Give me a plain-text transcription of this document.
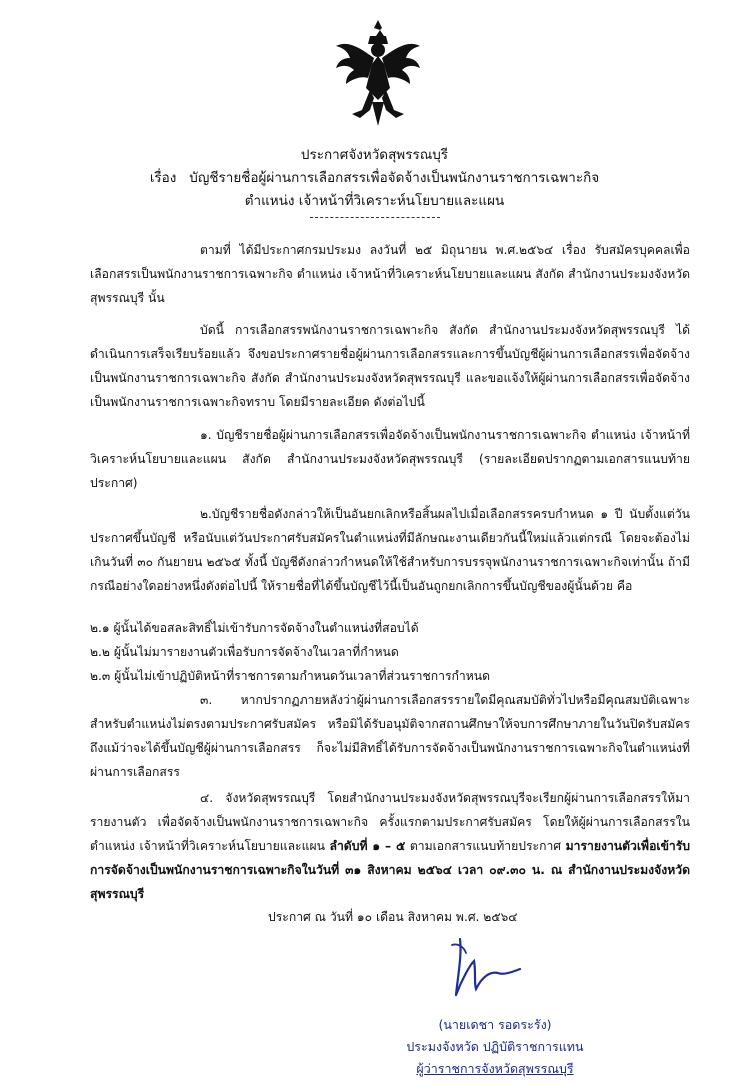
ประกาศจังหวัดสุพรรณบุรี
เรื่อง บัญชีรายชื่อผู้ผ่านการเลือกสรรเพื่อจัดจ้างเป็นพนักงานราชการเฉพาะกิจ
ตำแหน่ง เจ้าหน้าที่วิเคราะห์นโยบายและแผน
ตามที่ ได้มีประกาศกรมประมง ลงวันที่ ๒๕ มิถุนายน พ.ศ.๒๕๖๔ เรื่อง รับสมัครบุคคลเพื่อเลือกสรรเป็นพนักงานราชการเฉพาะกิจ ตำแหน่ง เจ้าหน้าที่วิเคราะห์นโยบายและแผน สังกัด สำนักงานประมงจังหวัดสุพรรณบุรี นั้น
บัดนี้ การเลือกสรรพนักงานราชการเฉพาะกิจ สังกัด สำนักงานประมงจังหวัดสุพรรณบุรี ได้ดำเนินการเสร็จเรียบร้อยแล้ว จึงขอประกาศรายชื่อผู้ผ่านการเลือกสรรและการขึ้นบัญชีผู้ผ่านการเลือกสรรเพื่อจัดจ้างเป็นพนักงานราชการเฉพาะกิจ สังกัด สำนักงานประมงจังหวัดสุพรรณบุรี และขอแจ้งให้ผู้ผ่านการเลือกสรรเพื่อจัดจ้างเป็นพนักงานราชการเฉพาะกิจทราบ โดยมีรายละเอียด ดังต่อไปนี้
๑. บัญชีรายชื่อผู้ผ่านการเลือกสรรเพื่อจัดจ้างเป็นพนักงานราชการเฉพาะกิจ ตำแหน่ง เจ้าหน้าที่วิเคราะห์นโยบายและแผน สังกัด สำนักงานประมงจังหวัดสุพรรณบุรี (รายละเอียดปรากฏตามเอกสารแนบท้ายประกาศ)
๒.บัญชีรายชื่อดังกล่าวให้เป็นอันยกเลิกหรือสิ้นผลไปเมื่อเลือกสรรครบกำหนด ๑ ปี นับตั้งแต่วันประกาศขึ้นบัญชี หรือนับแต่วันประกาศรับสมัครในตำแหน่งที่มีลักษณะงานเดียวกันนี้ใหม่แล้วแต่กรณี โดยจะต้องไม่เกินวันที่ ๓๐ กันยายน ๒๕๖๕ ทั้งนี้ บัญชีดังกล่าวกำหนดให้ใช้สำหรับการบรรจุพนักงานราชการเฉพาะกิจเท่านั้น ถ้ามีกรณีอย่างใดอย่างหนึ่งดังต่อไปนี้ ให้รายชื่อที่ได้ขึ้นบัญชีไว้นี้เป็นอันถูกยกเลิกการขึ้นบัญชีของผู้นั้นด้วย คือ
๒.๑ ผู้นั้นได้ขอสละสิทธิ์ไม่เข้ารับการจัดจ้างในตำแหน่งที่สอบได้
๒.๒ ผู้นั้นไม่มารายงานตัวเพื่อรับการจัดจ้างในเวลาที่กำหนด
๒.๓ ผู้นั้นไม่เข้าปฏิบัติหน้าที่ราชการตามกำหนดวันเวลาที่ส่วนราชการกำหนด
๓. หากปรากฏภายหลังว่าผู้ผ่านการเลือกสรรรายใดมีคุณสมบัติทั่วไปหรือมีคุณสมบัติเฉพาะสำหรับตำแหน่งไม่ตรงตามประกาศรับสมัคร หรือมิได้รับอนุมัติจากสถานศึกษาให้จบการศึกษาภายในวันปิดรับสมัคร ถึงแม้ว่าจะได้ขึ้นบัญชีผู้ผ่านการเลือกสรร ก็จะไม่มีสิทธิ์ได้รับการจัดจ้างเป็นพนักงานราชการเฉพาะกิจในตำแหน่งที่ผ่านการเลือกสรร
๔. จังหวัดสุพรรณบุรี โดยสำนักงานประมงจังหวัดสุพรรณบุรีจะเรียกผู้ผ่านการเลือกสรรให้มารายงานตัว เพื่อจัดจ้างเป็นพนักงานราชการเฉพาะกิจ ครั้งแรกตามประกาศรับสมัคร โดยให้ผู้ผ่านการเลือกสรรในตำแหน่ง เจ้าหน้าที่วิเคราะห์นโยบายและแผน ลำดับที่ ๑ – ๕ ตามเอกสารแนบท้ายประกาศ มารายงานตัวเพื่อเข้ารับการจัดจ้างเป็นพนักงานราชการเฉพาะกิจในวันที่ ๓๑ สิงหาคม ๒๕๖๔ เวลา ๐๙.๓๐ น. ณ สำนักงานประมงจังหวัดสุพรรณบุรี
ประกาศ ณ วันที่ ๑๐ เดือน สิงหาคม พ.ศ. ๒๕๖๔
(นายเดชา รอดระรัง)
ประมงจังหวัด ปฏิบัติราชการแทน
ผู้ว่าราชการจังหวัดสุพรรณบุรี
